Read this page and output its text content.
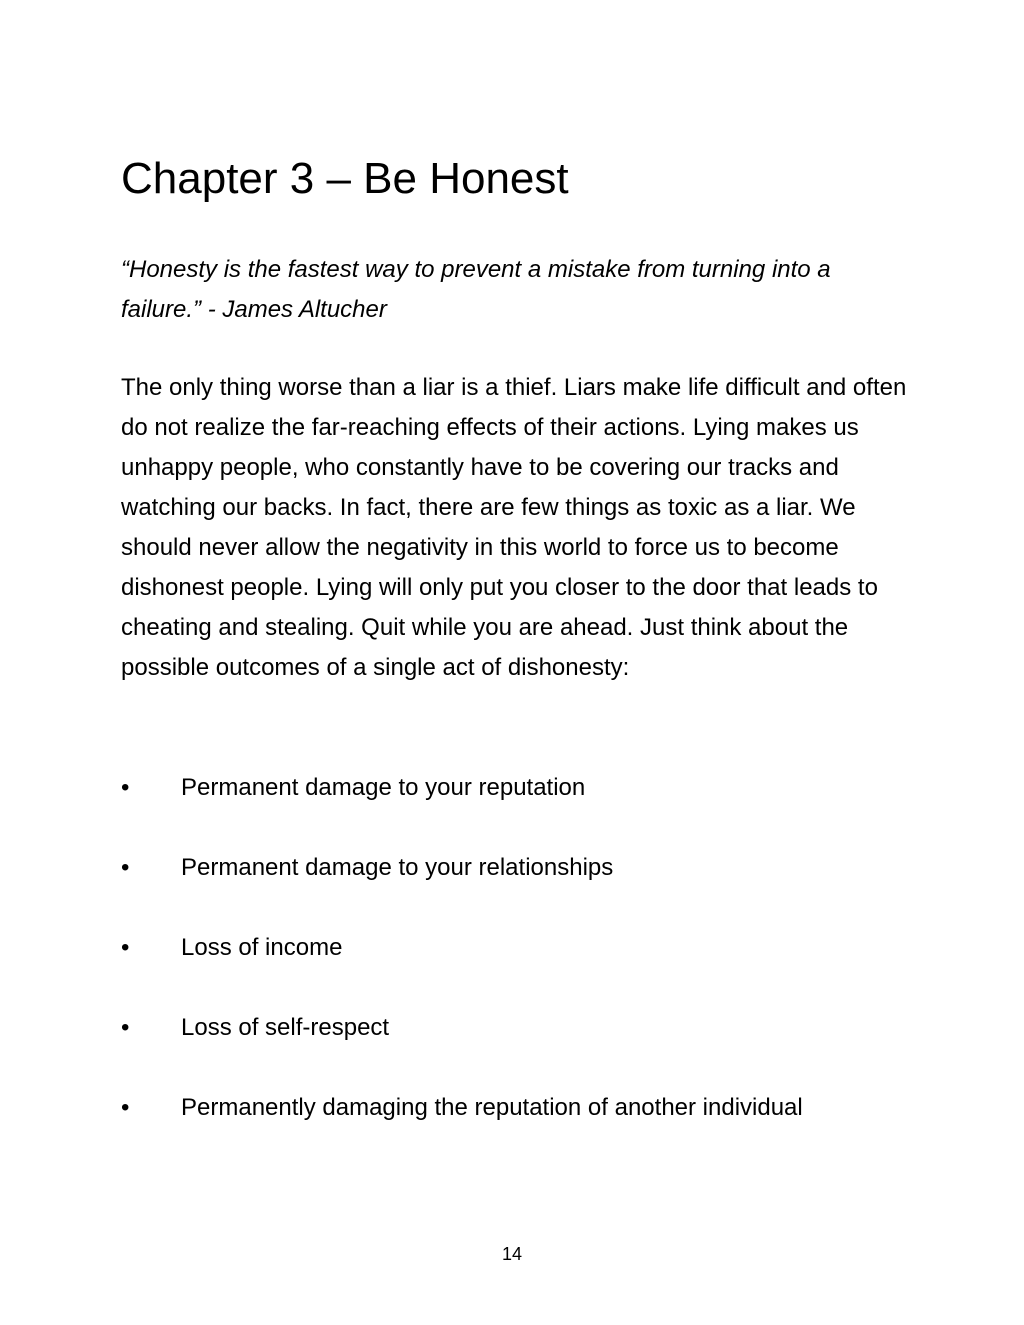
Chapter 3 – Be Honest

“Honesty is the fastest way to prevent a mistake from turning into a failure.” - James Altucher

The only thing worse than a liar is a thief. Liars make life difficult and often do not realize the far-reaching effects of their actions. Lying makes us unhappy people, who constantly have to be covering our tracks and watching our backs. In fact, there are few things as toxic as a liar. We should never allow the negativity in this world to force us to become dishonest people. Lying will only put you closer to the door that leads to cheating and stealing. Quit while you are ahead. Just think about the possible outcomes of a single act of dishonesty:

•	Permanent damage to your reputation
•	Permanent damage to your relationships
•	Loss of income
•	Loss of self-respect
•	Permanently damaging the reputation of another individual
14
